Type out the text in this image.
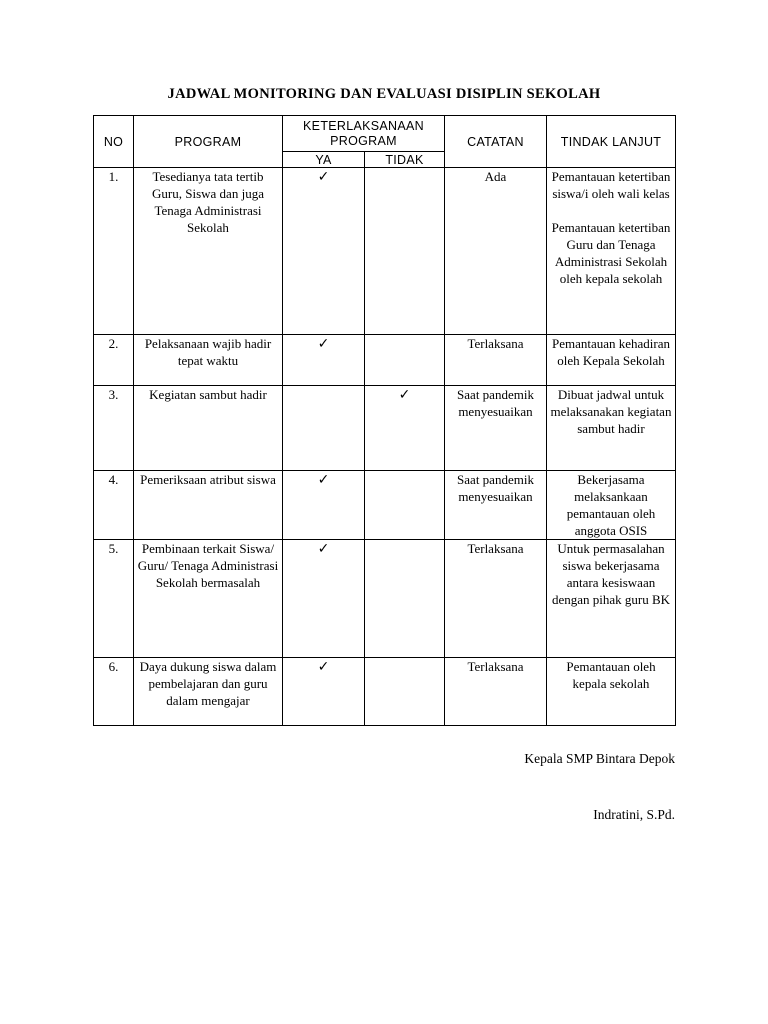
JADWAL MONITORING DAN EVALUASI DISIPLIN SEKOLAH
NO	PROGRAM	KETERLAKSANAAN PROGRAM		CATATAN	TINDAK LANJUT
		YA	TIDAK		
1.	Tesedianya tata tertib Guru, Siswa dan juga Tenaga Administrasi Sekolah	✓		Ada	Pemantauan ketertiban siswa/i oleh wali kelas
Pemantauan ketertiban Guru dan Tenaga Administrasi Sekolah oleh kepala sekolah

2.	Pelaksanaan wajib hadir tepat waktu	✓		Terlaksana	Pemantauan kehadiran oleh Kepala Sekolah
3.	Kegiatan sambut hadir		✓	Saat pandemik menyesuaikan	Dibuat jadwal untuk melaksanakan kegiatan sambut hadir
4.	Pemeriksaan atribut siswa	✓		Saat pandemik menyesuaikan	Bekerjasama melaksankaan pemantauan oleh anggota OSIS
5.	Pembinaan terkait Siswa/ Guru/ Tenaga Administrasi Sekolah bermasalah	✓		Terlaksana	Untuk permasalahan siswa bekerjasama antara kesiswaan dengan pihak guru BK
6.	Daya dukung siswa dalam pembelajaran dan guru dalam mengajar	✓		Terlaksana	Pemantauan oleh kepala sekolah
Kepala SMP Bintara Depok
Indratini, S.Pd.
